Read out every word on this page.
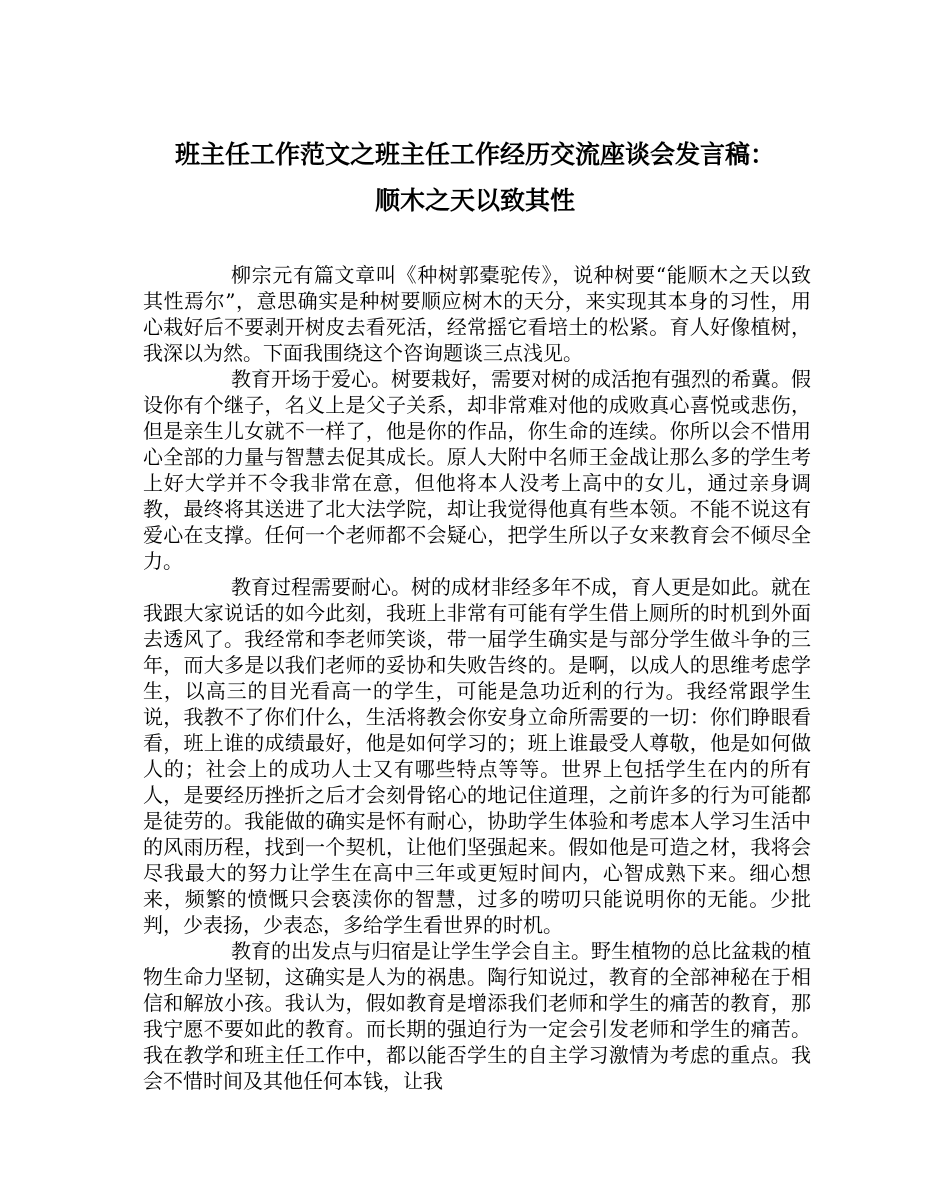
班主任工作范文之班主任工作经历交流座谈会发言稿：
顺木之天以致其性

柳宗元有篇文章叫《种树郭橐驼传》，说种树要“能顺木之天以致其性焉尔”，意思确实是种树要顺应树木的天分，来实现其本身的习性，用心栽好后不要剥开树皮去看死活，经常摇它看培土的松紧。育人好像植树，我深以为然。下面我围绕这个咨询题谈三点浅见。

教育开场于爱心。树要栽好，需要对树的成活抱有强烈的希冀。假设你有个继子，名义上是父子关系，却非常难对他的成败真心喜悦或悲伤，但是亲生儿女就不一样了，他是你的作品，你生命的连续。你所以会不惜用心全部的力量与智慧去促其成长。原人大附中名师王金战让那么多的学生考上好大学并不令我非常在意，但他将本人没考上高中的女儿，通过亲身调教，最终将其送进了北大法学院，却让我觉得他真有些本领。不能不说这有爱心在支撑。任何一个老师都不会疑心，把学生所以子女来教育会不倾尽全力。

教育过程需要耐心。树的成材非经多年不成，育人更是如此。就在我跟大家说话的如今此刻，我班上非常有可能有学生借上厕所的时机到外面去透风了。我经常和李老师笑谈，带一届学生确实是与部分学生做斗争的三年，而大多是以我们老师的妥协和失败告终的。是啊，以成人的思维考虑学生，以高三的目光看高一的学生，可能是急功近利的行为。我经常跟学生说，我教不了你们什么，生活将教会你安身立命所需要的一切：你们睁眼看看，班上谁的成绩最好，他是如何学习的；班上谁最受人尊敬，他是如何做人的；社会上的成功人士又有哪些特点等等。世界上包括学生在内的所有人，是要经历挫折之后才会刻骨铭心的地记住道理，之前许多的行为可能都是徒劳的。我能做的确实是怀有耐心，协助学生体验和考虑本人学习生活中的风雨历程，找到一个契机，让他们坚强起来。假如他是可造之材，我将会尽我最大的努力让学生在高中三年或更短时间内，心智成熟下来。细心想来，频繁的愤慨只会亵渎你的智慧，过多的唠叨只能说明你的无能。少批判，少表扬，少表态，多给学生看世界的时机。

教育的出发点与归宿是让学生学会自主。野生植物的总比盆栽的植物生命力坚韧，这确实是人为的祸患。陶行知说过，教育的全部神秘在于相信和解放小孩。我认为，假如教育是增添我们老师和学生的痛苦的教育，那我宁愿不要如此的教育。而长期的强迫行为一定会引发老师和学生的痛苦。我在教学和班主任工作中，都以能否学生的自主学习激情为考虑的重点。我会不惜时间及其他任何本钱，让我
